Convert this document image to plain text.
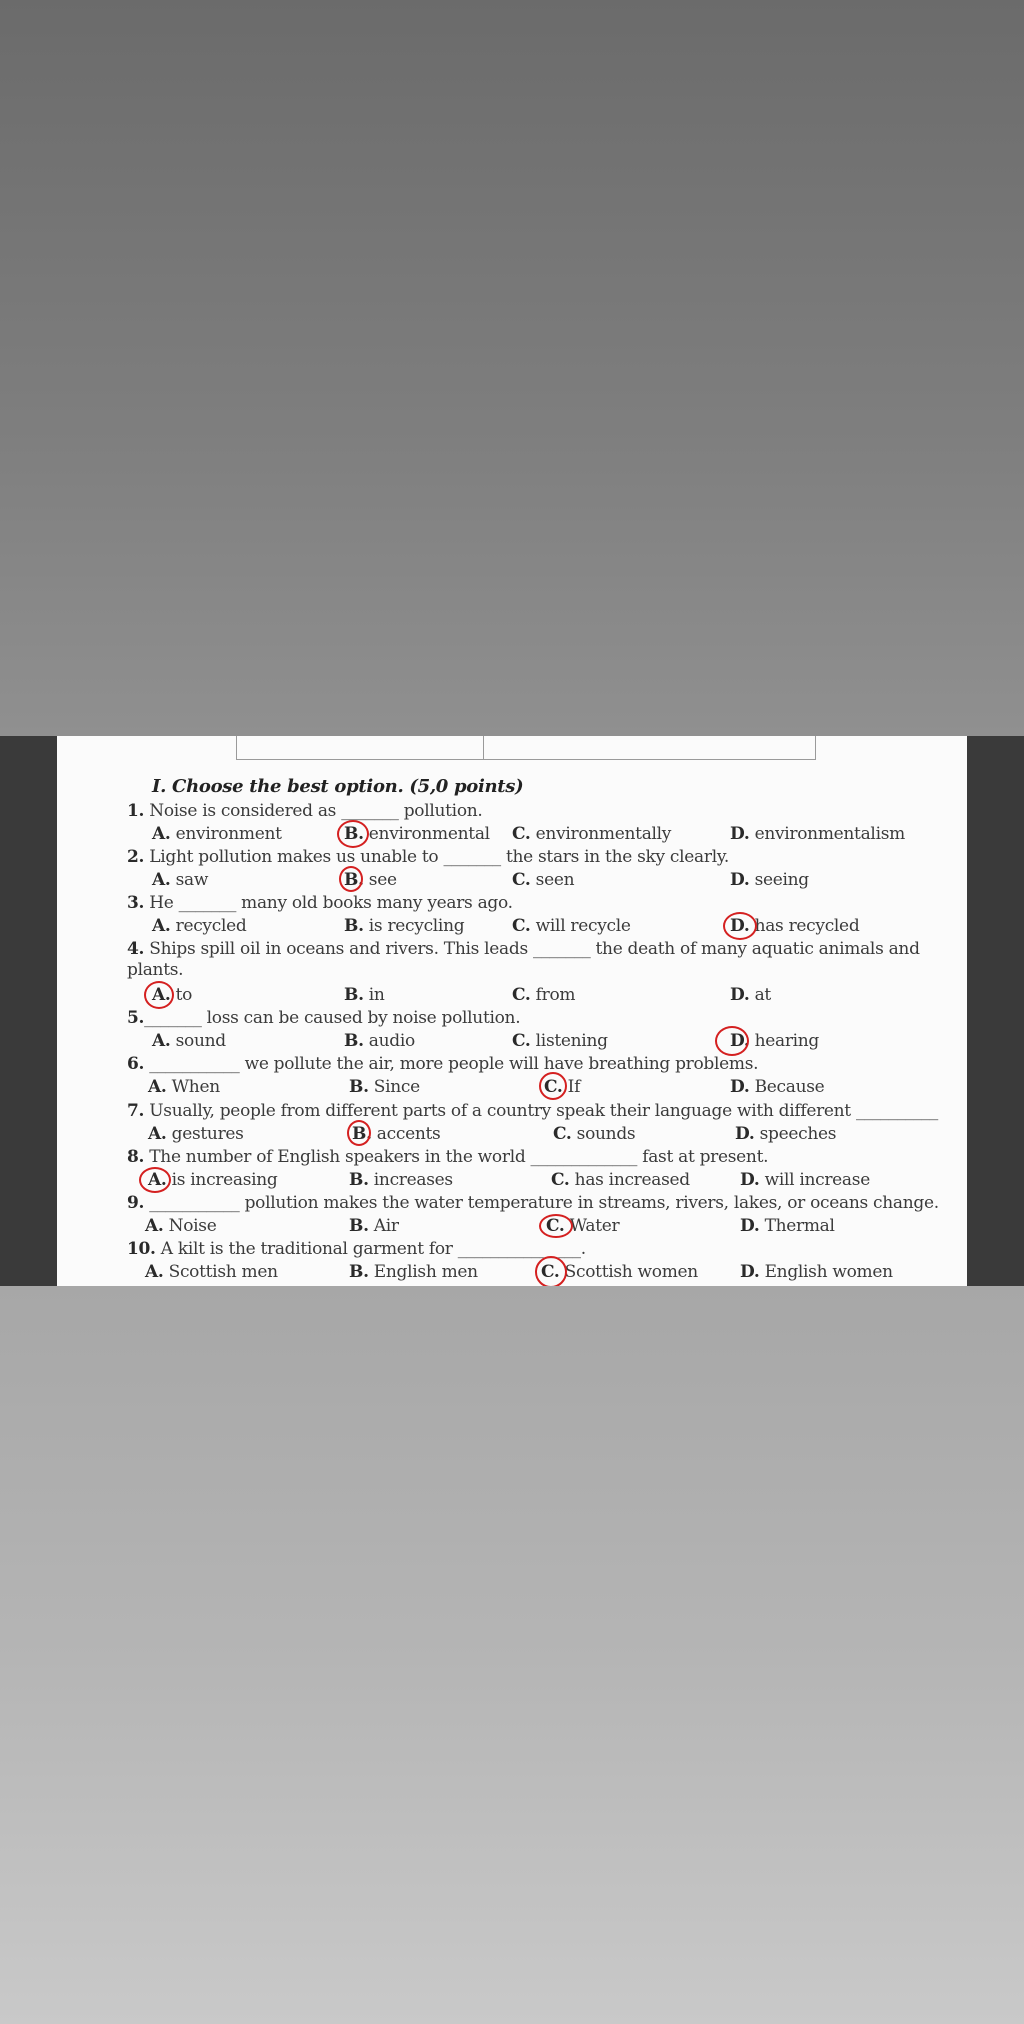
I. Choose the best option. (5,0 points)
1. Noise is considered as _______ pollution.
A. environment	B. environmental C. environmentally	D. environmentalism
2. Light pollution makes us unable to _______ the stars in the sky clearly.
A. saw	B. see	C. seen	D. seeing
3. He _______ many old books many years ago.
A. recycled	B. is recycling	C. will recycle	D. has recycled
4. Ships spill oil in oceans and rivers. This leads _______ the death of many aquatic animals and
plants.
A. to	B. in	C. from	D. at
5._______ loss can be caused by noise pollution.
A. sound	B. audio	C. listening	D. hearing
6. ___________ we pollute the air, more people will have breathing problems.
A. When	B. Since	C. If	D. Because
7. Usually, people from different parts of a country speak their language with different __________
A. gestures	B. accents	C. sounds	D. speeches
8. The number of English speakers in the world _____________ fast at present.
A. is increasing	B. increases	C. has increased	D. will increase
9. ___________ pollution makes the water temperature in streams, rivers, lakes, or oceans change.
A. Noise	B. Air	C. Water	D. Thermal
10. A kilt is the traditional garment for _______________.
A. Scottish men	B. English men	C. Scottish women D. English women
